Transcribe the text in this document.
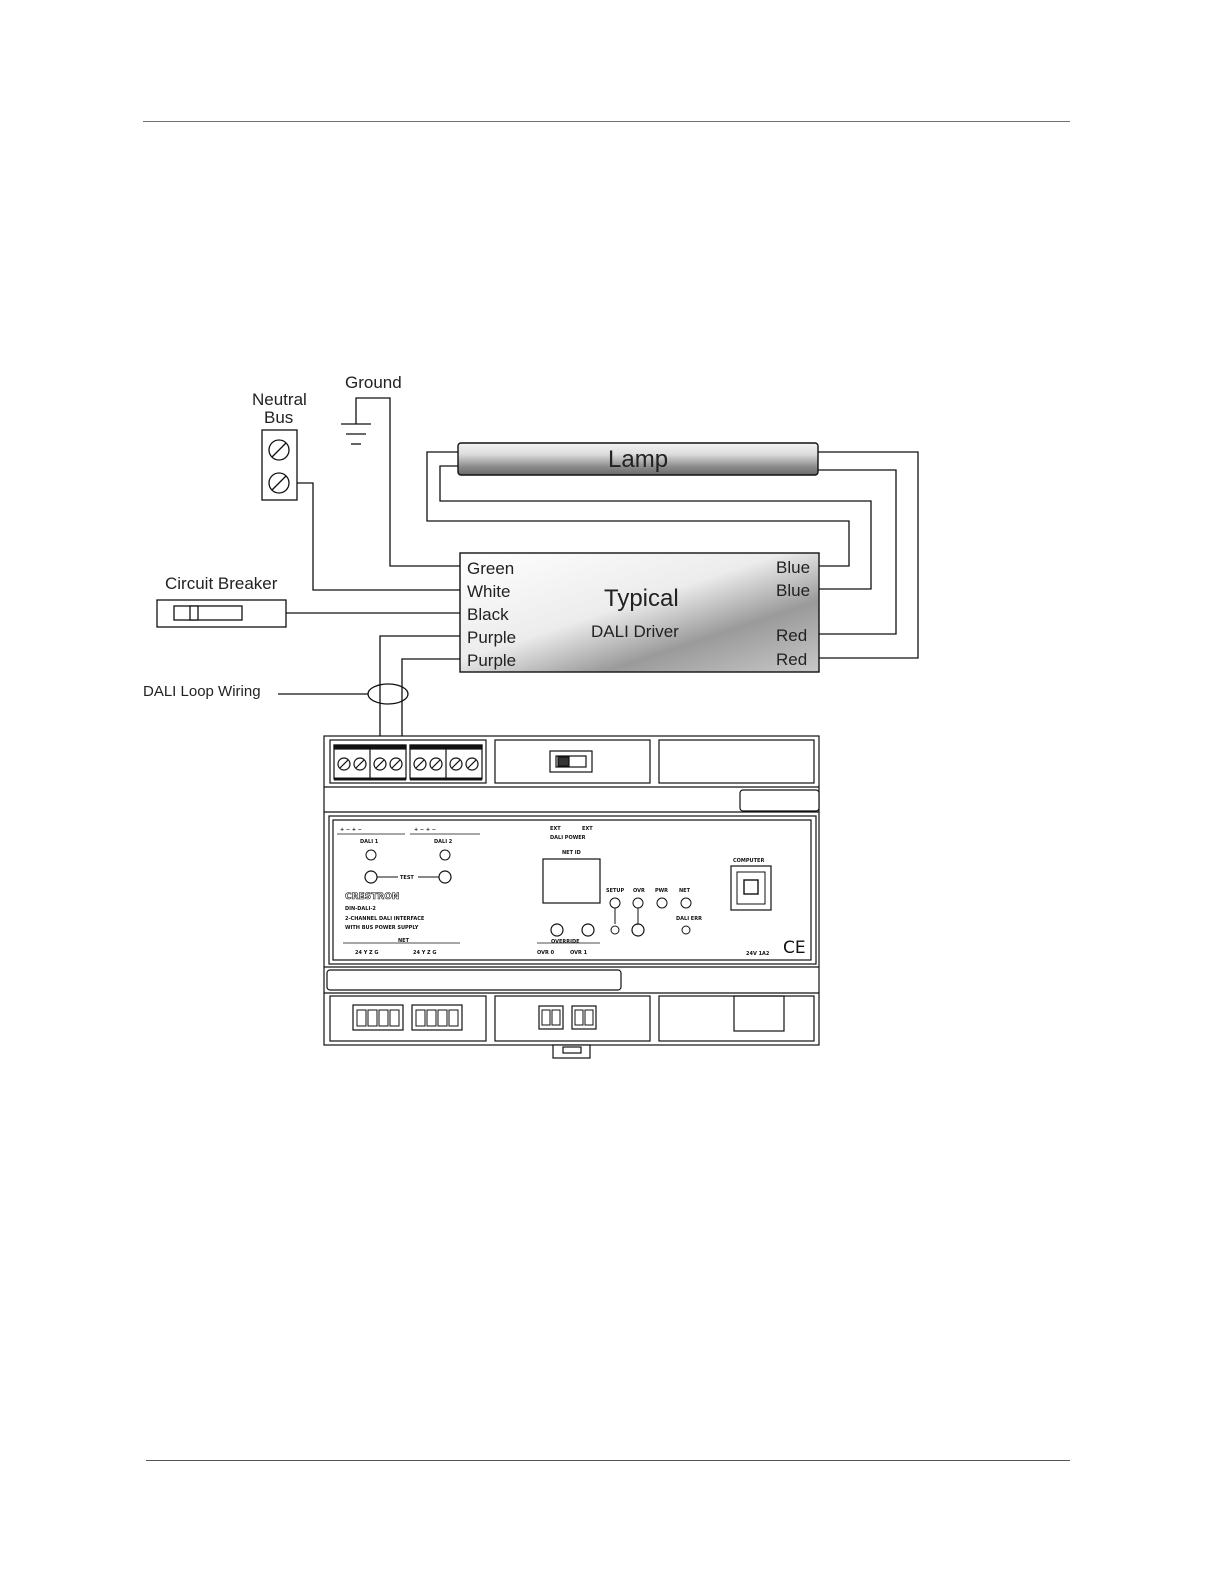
DALI Loop Wiring
Ground
Neutral
Bus
Circuit Breaker
Lamp
Typical
DALI Driver
Green
White
Black
Purple
Purple
Blue
Blue
Red
Red
+ − + −	+ − + −
DALI 1	DALI 2
TEST
CRESTRON
DIN-DALI-2
2-CHANNEL DALI INTERFACE
WITH BUS POWER SUPPLY
NET
24 Y Z G	24 Y Z G
EXT	EXT
DALI POWER
NET ID
SETUP OVR PWR NET
DALI ERR
OVERRIDE
OVR 0	OVR 1
COMPUTER
24V 1A2 CE
